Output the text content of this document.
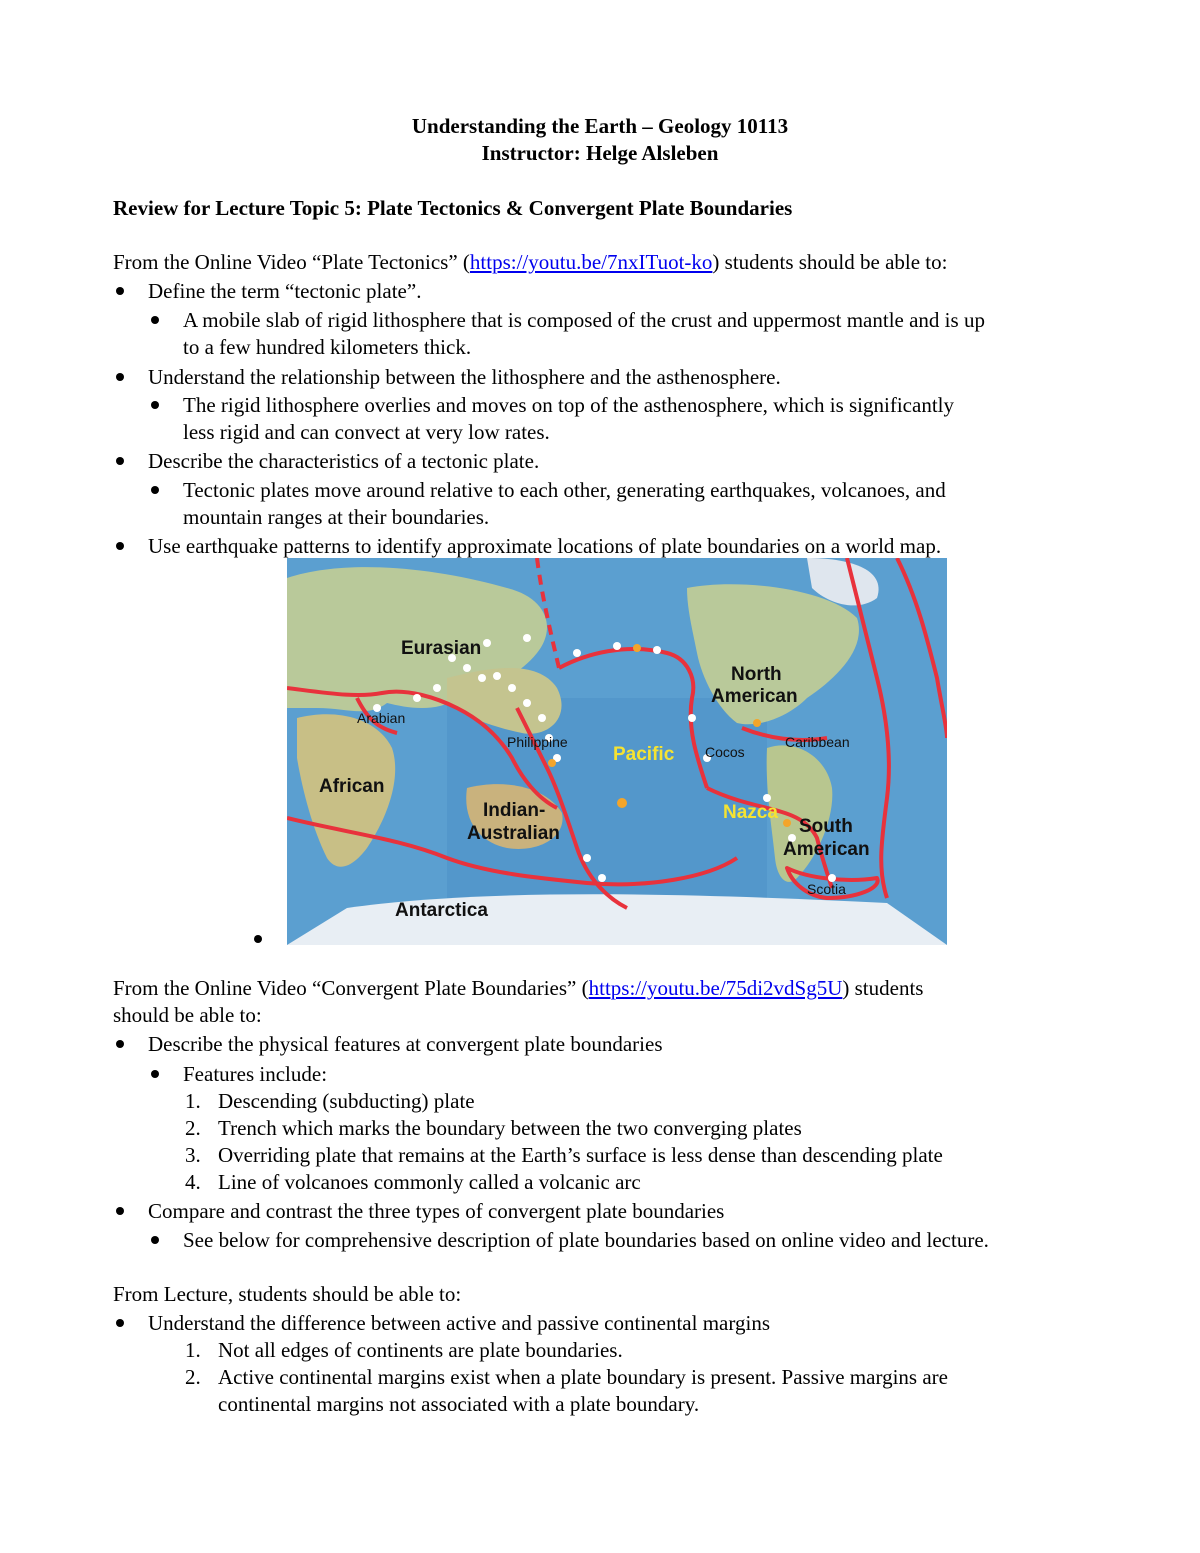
Understanding the Earth – Geology 10113
Instructor: Helge Alsleben
Review for Lecture Topic 5: Plate Tectonics & Convergent Plate Boundaries
From the Online Video “Plate Tectonics” (https://youtu.be/7nxITuot-ko) students should be able to:
Define the term “tectonic plate”.
A mobile slab of rigid lithosphere that is composed of the crust and uppermost mantle and is up
to a few hundred kilometers thick.
Understand the relationship between the lithosphere and the asthenosphere.
The rigid lithosphere overlies and moves on top of the asthenosphere, which is significantly
less rigid and can convect at very low rates.
Describe the characteristics of a tectonic plate.
Tectonic plates move around relative to each other, generating earthquakes, volcanoes, and
mountain ranges at their boundaries.
Use earthquake patterns to identify approximate locations of plate boundaries on a world map.
Eurasian
Arabian
African
Indian-
Australian
Antarctica
Philippine
Pacific Cocos
North
American
Caribbean
Nazca
South
American
Scotia
From the Online Video “Convergent Plate Boundaries” (https://youtu.be/75di2vdSg5U) students
should be able to:
Describe the physical features at convergent plate boundaries
Features include:
1. Descending (subducting) plate
2. Trench which marks the boundary between the two converging plates
3. Overriding plate that remains at the Earth’s surface is less dense than descending plate
4. Line of volcanoes commonly called a volcanic arc
Compare and contrast the three types of convergent plate boundaries
See below for comprehensive description of plate boundaries based on online video and lecture.
From Lecture, students should be able to:
Understand the difference between active and passive continental margins
1. Not all edges of continents are plate boundaries.
2. Active continental margins exist when a plate boundary is present. Passive margins are
continental margins not associated with a plate boundary.
